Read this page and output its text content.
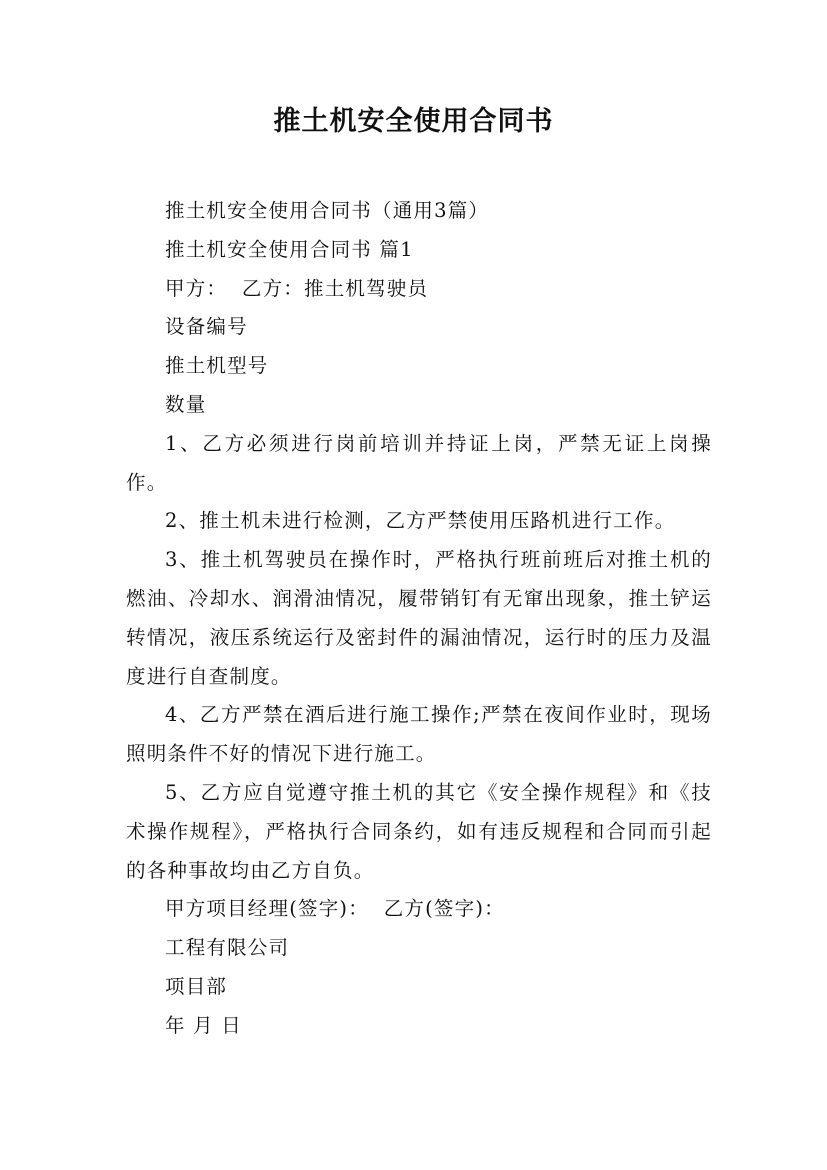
推土机安全使用合同书

推土机安全使用合同书（通用3篇）

推土机安全使用合同书 篇1

甲方：  乙方：推土机驾驶员

设备编号

推土机型号

数量

1、乙方必须进行岗前培训并持证上岗，严禁无证上岗操作。

2、推土机未进行检测，乙方严禁使用压路机进行工作。

3、推土机驾驶员在操作时，严格执行班前班后对推土机的燃油、冷却水、润滑油情况，履带销钉有无窜出现象，推土铲运转情况，液压系统运行及密封件的漏油情况，运行时的压力及温度进行自查制度。

4、乙方严禁在酒后进行施工操作;严禁在夜间作业时，现场照明条件不好的情况下进行施工。

5、乙方应自觉遵守推土机的其它《安全操作规程》和《技术操作规程》，严格执行合同条约，如有违反规程和合同而引起的各种事故均由乙方自负。

甲方项目经理(签字)：  乙方(签字)：

工程有限公司

项目部

年 月 日
